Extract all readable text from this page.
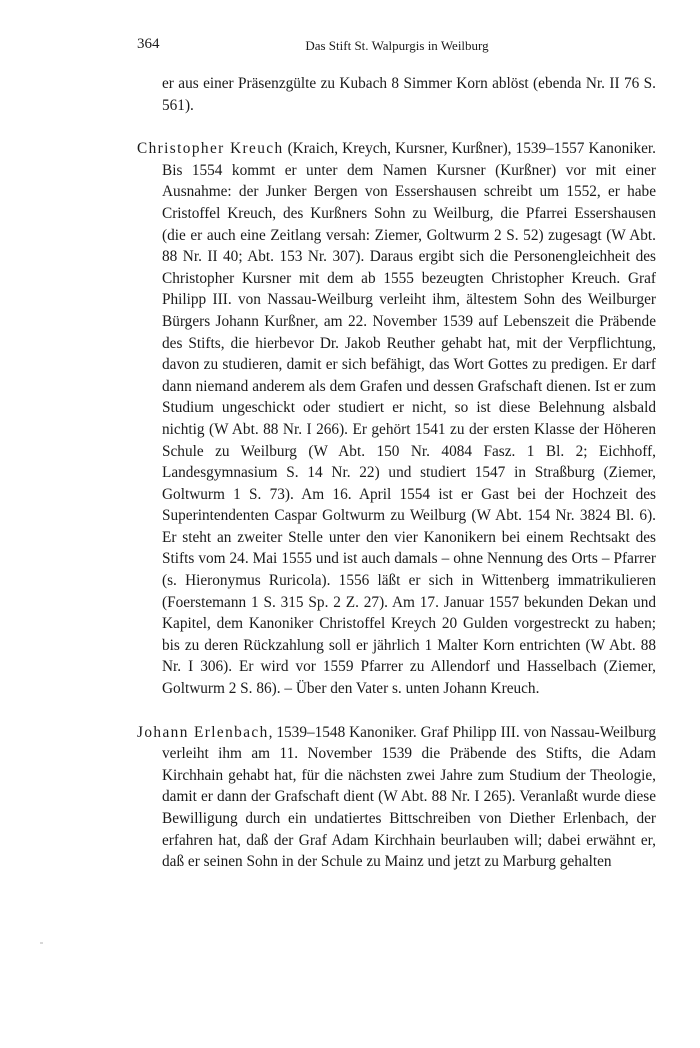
364	Das Stift St. Walpurgis in Weilburg

er aus einer Präsenzgülte zu Kubach 8 Simmer Korn ablöst (ebenda Nr. II 76 S. 561).

Christopher Kreuch (Kraich, Kreych, Kursner, Kurßner), 1539–1557 Kanoniker. Bis 1554 kommt er unter dem Namen Kursner (Kurßner) vor mit einer Ausnahme: der Junker Bergen von Essershausen schreibt um 1552, er habe Cristoffel Kreuch, des Kurßners Sohn zu Weilburg, die Pfarrei Essershausen (die er auch eine Zeitlang versah: Ziemer, Goltwurm 2 S. 52) zugesagt (W Abt. 88 Nr. II 40; Abt. 153 Nr. 307). Daraus ergibt sich die Personengleichheit des Christopher Kursner mit dem ab 1555 bezeugten Christopher Kreuch. Graf Philipp III. von Nassau-Weilburg verleiht ihm, ältestem Sohn des Weilburger Bürgers Johann Kurßner, am 22. November 1539 auf Lebenszeit die Präbende des Stifts, die hierbevor Dr. Jakob Reuther gehabt hat, mit der Verpflichtung, davon zu studieren, damit er sich befähigt, das Wort Gottes zu predigen. Er darf dann niemand anderem als dem Grafen und dessen Grafschaft dienen. Ist er zum Studium ungeschickt oder studiert er nicht, so ist diese Belehnung alsbald nichtig (W Abt. 88 Nr. I 266). Er gehört 1541 zu der ersten Klasse der Höheren Schule zu Weilburg (W Abt. 150 Nr. 4084 Fasz. 1 Bl. 2; Eichhoff, Landesgymnasium S. 14 Nr. 22) und studiert 1547 in Straßburg (Ziemer, Goltwurm 1 S. 73). Am 16. April 1554 ist er Gast bei der Hochzeit des Superintendenten Caspar Goltwurm zu Weilburg (W Abt. 154 Nr. 3824 Bl. 6). Er steht an zweiter Stelle unter den vier Kanonikern bei einem Rechtsakt des Stifts vom 24. Mai 1555 und ist auch damals – ohne Nennung des Orts – Pfarrer (s. Hieronymus Ruricola). 1556 läßt er sich in Wittenberg immatrikulieren (Foerstemann 1 S. 315 Sp. 2 Z. 27). Am 17. Januar 1557 bekunden Dekan und Kapitel, dem Kanoniker Christoffel Kreych 20 Gulden vorgestreckt zu haben; bis zu deren Rückzahlung soll er jährlich 1 Malter Korn entrichten (W Abt. 88 Nr. I 306). Er wird vor 1559 Pfarrer zu Allendorf und Hasselbach (Ziemer, Goltwurm 2 S. 86). – Über den Vater s. unten Johann Kreuch.

Johann Erlenbach, 1539–1548 Kanoniker. Graf Philipp III. von Nassau-Weilburg verleiht ihm am 11. November 1539 die Präbende des Stifts, die Adam Kirchhain gehabt hat, für die nächsten zwei Jahre zum Studium der Theologie, damit er dann der Grafschaft dient (W Abt. 88 Nr. I 265). Veranlaßt wurde diese Bewilligung durch ein undatiertes Bittschreiben von Diether Erlenbach, der erfahren hat, daß der Graf Adam Kirchhain beurlauben will; dabei erwähnt er, daß er seinen Sohn in der Schule zu Mainz und jetzt zu Marburg gehalten
